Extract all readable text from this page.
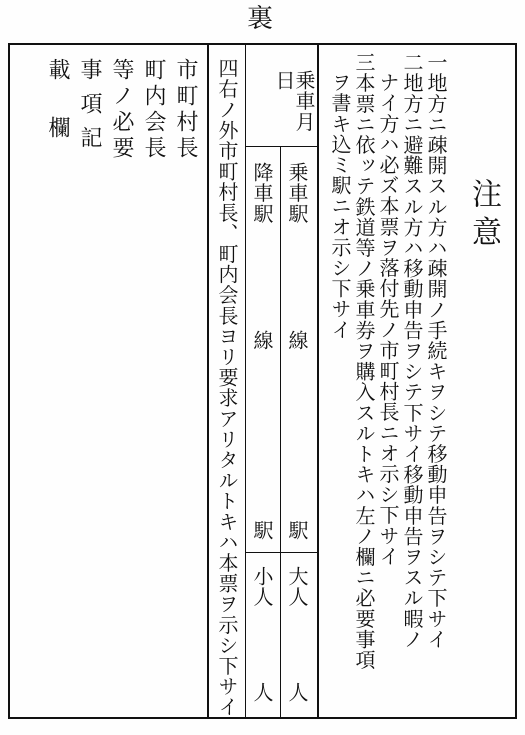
裏
注意
一地方ニ疎開スル方ハ疎開ノ手続キヲシテ移動申告ヲシテ下サイ
二地方ニ避難スル方ハ移動申告ヲシテ下サイ移動申告ヲスル暇ノ
ナイ方ハ必ズ本票ヲ落付先ノ市町村長ニオ示シ下サイ
三本票ニ依ッテ鉄道等ノ乗車券ヲ購入スルトキハ左ノ欄ニ必要事項
ヲ書キ込ミ駅ニオ示シ下サイ
乗車月日
乗車駅
線
駅
降車駅
線
駅
大人
人
小人
人
四右ノ外市町村長、町内会長ヨリ要求アリタルトキハ本票ヲ示シ下サイ
市町村長
町内会長
等ノ必要
事項記
載欄
